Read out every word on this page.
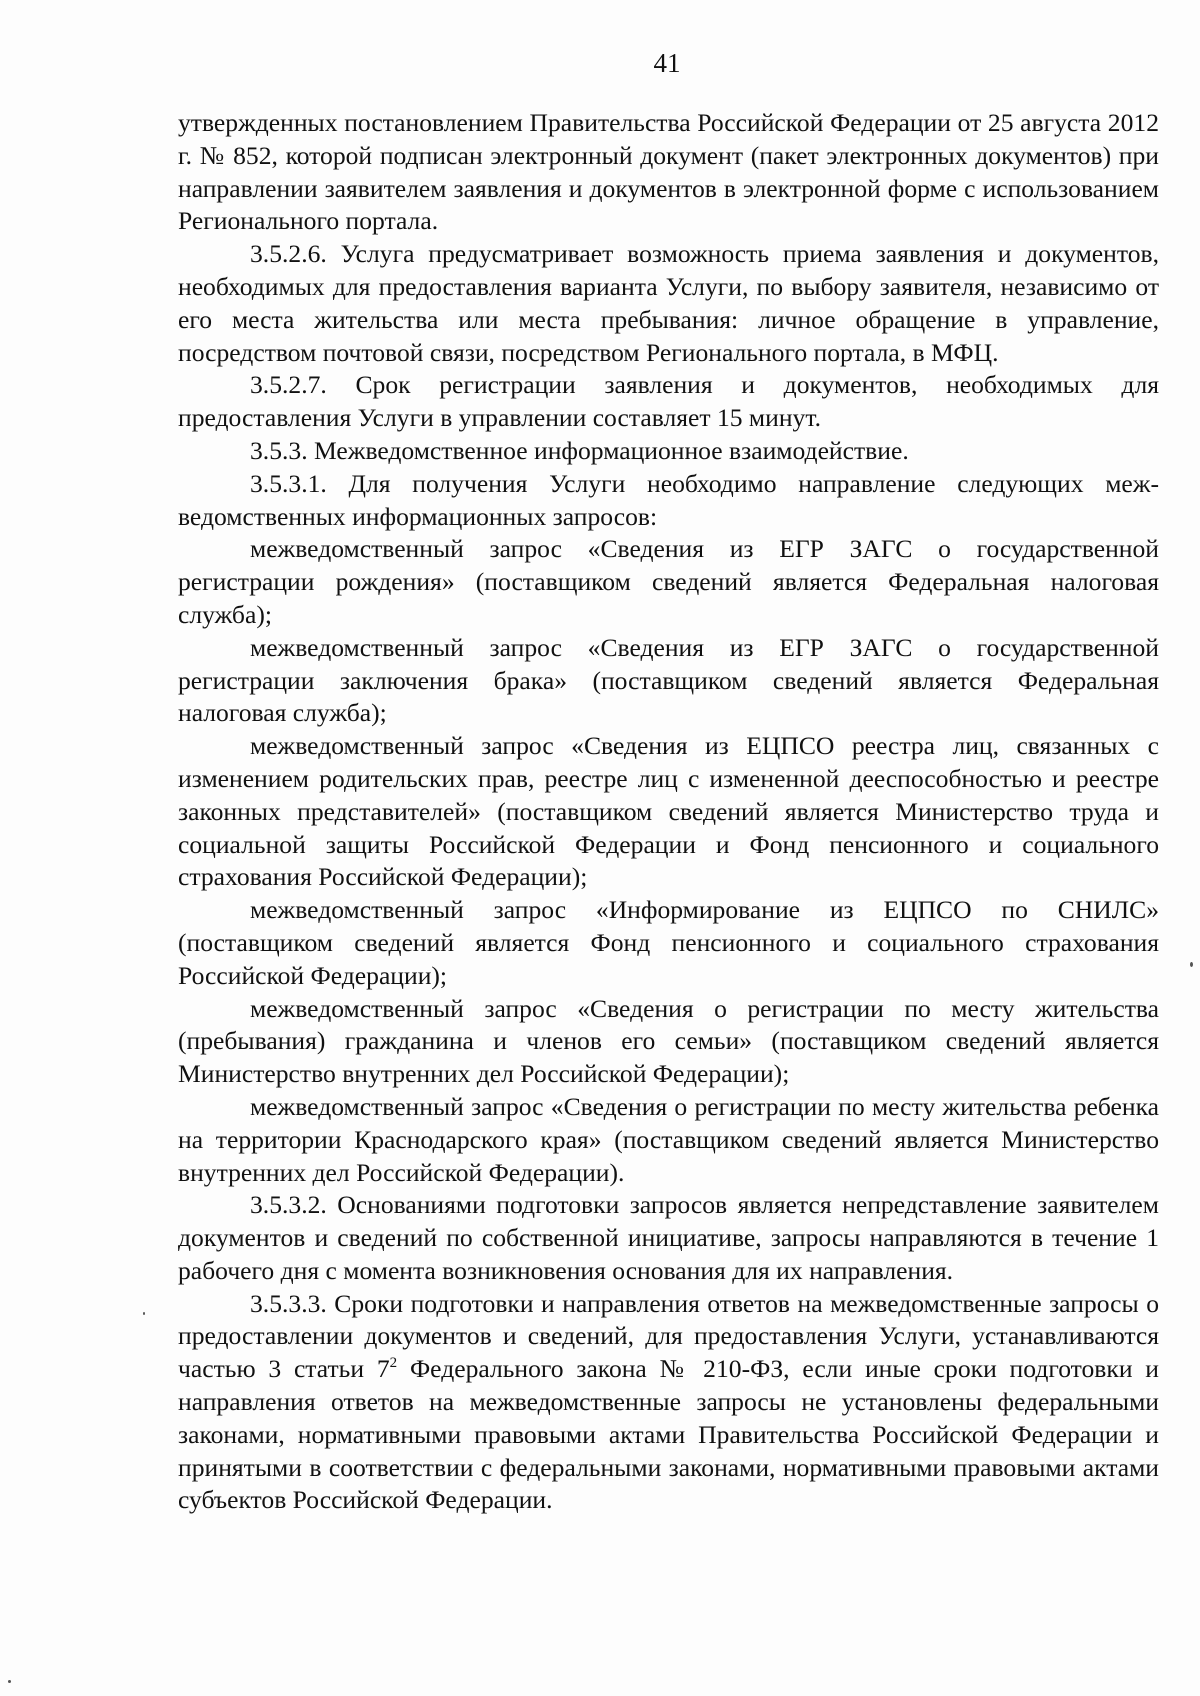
41

утвержденных постановлением Правительства Российской Федерации от 25 августа 2012 г. № 852, которой подписан электронный документ (пакет электронных документов) при направлении заявителем заявления и документов в электронной форме с использованием Регионального портала.

3.5.2.6. Услуга предусматривает возможность приема заявления и документов, необходимых для предоставления варианта Услуги, по выбору заявителя, независимо от его места жительства или места пребывания: личное обращение в управление, посредством почтовой связи, посредством Регионального портала, в МФЦ.

3.5.2.7. Срок регистрации заявления и документов, необходимых для предоставления Услуги в управлении составляет 15 минут.

3.5.3. Межведомственное информационное взаимодействие.

3.5.3.1. Для получения Услуги необходимо направление следующих межведомственных информационных запросов:

межведомственный запрос «Сведения из ЕГР ЗАГС о государственной регистрации рождения» (поставщиком сведений является Федеральная налоговая служба);

межведомственный запрос «Сведения из ЕГР ЗАГС о государственной регистрации заключения брака» (поставщиком сведений является Федеральная налоговая служба);

межведомственный запрос «Сведения из ЕЦПСО реестра лиц, связанных с изменением родительских прав, реестре лиц с измененной дееспособностью и реестре законных представителей» (поставщиком сведений является Министерство труда и социальной защиты Российской Федерации и Фонд пенсионного и социального страхования Российской Федерации);

межведомственный запрос «Информирование из ЕЦПСО по СНИЛС» (поставщиком сведений является Фонд пенсионного и социального страхования Российской Федерации);

межведомственный запрос «Сведения о регистрации по месту жительства (пребывания) гражданина и членов его семьи» (поставщиком сведений является Министерство внутренних дел Российской Федерации);

межведомственный запрос «Сведения о регистрации по месту жительства ребенка на территории Краснодарского края» (поставщиком сведений является Министерство внутренних дел Российской Федерации).

3.5.3.2. Основаниями подготовки запросов является непредставление заявителем документов и сведений по собственной инициативе, запросы направляются в течение 1 рабочего дня с момента возникновения основания для их направления.

3.5.3.3. Сроки подготовки и направления ответов на межведомственные запросы о предоставлении документов и сведений, для предоставления Услуги, устанавливаются частью 3 статьи $7^2$ Федерального закона № 210-ФЗ, если иные сроки подготовки и направления ответов на межведомственные запросы не установлены федеральными законами, нормативными правовыми актами Правительства Российской Федерации и принятыми в соответствии с федеральными законами, нормативными правовыми актами субъектов Российской Федерации.
